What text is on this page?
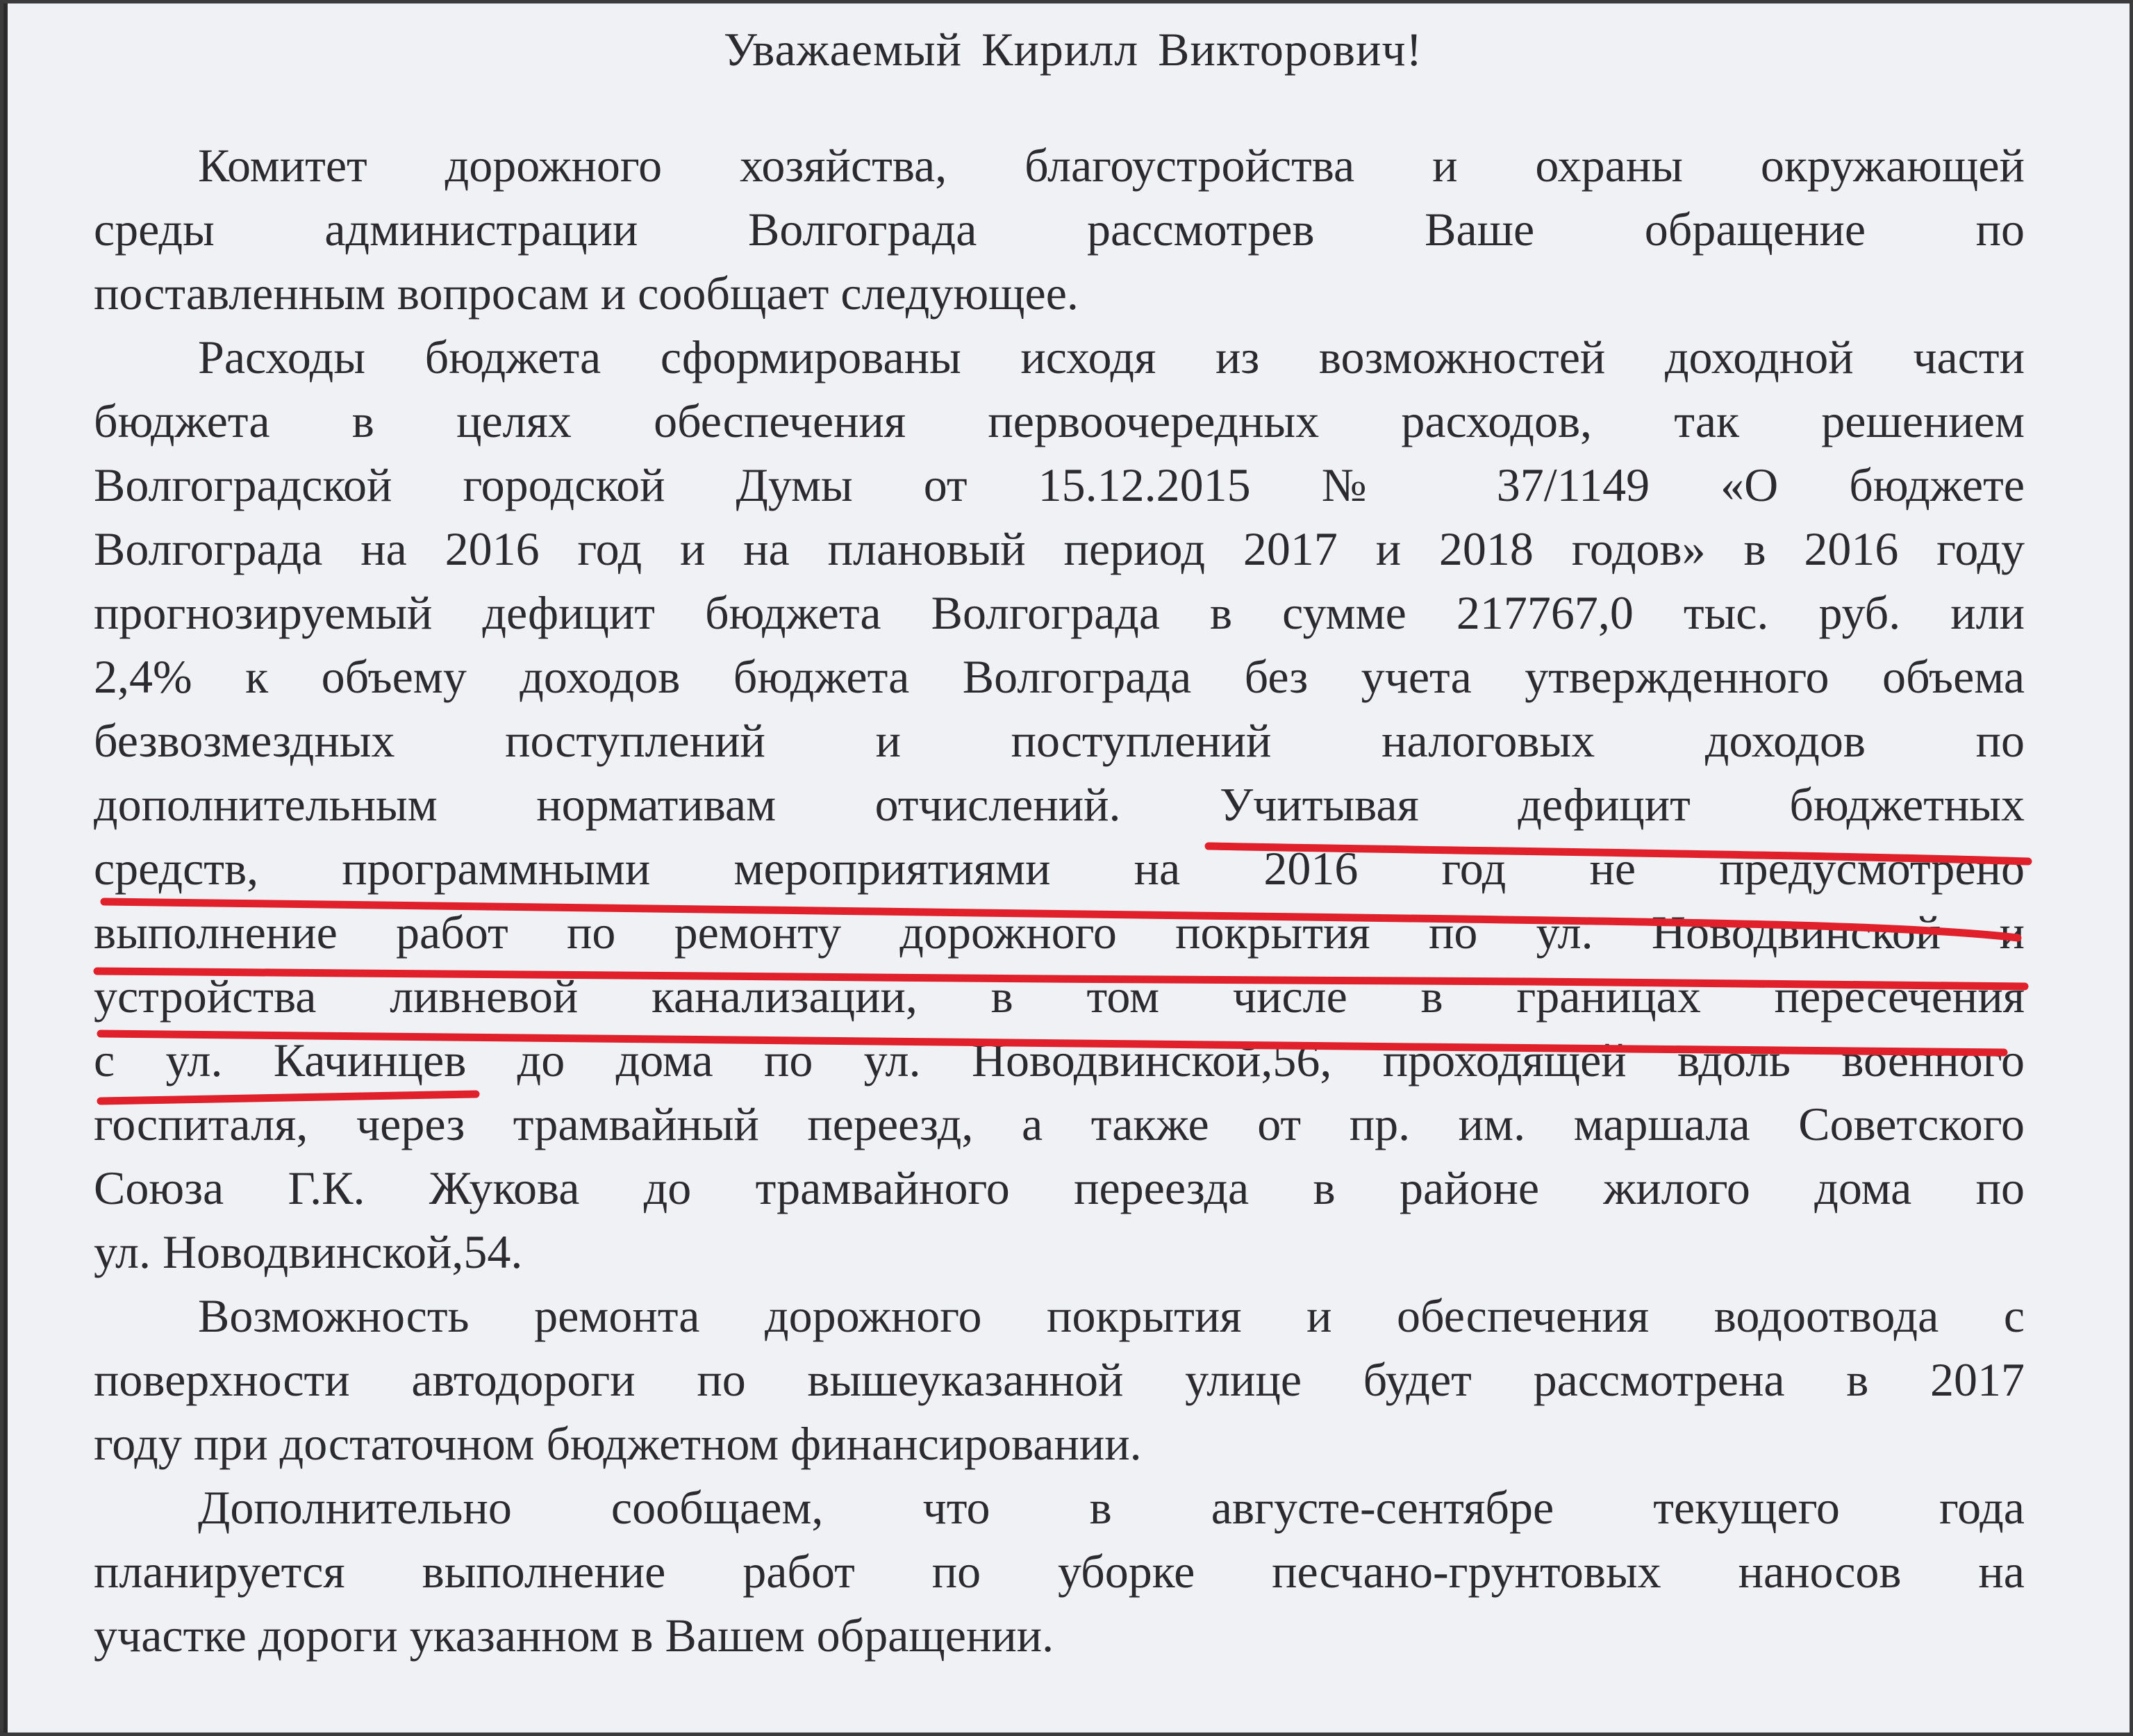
Уважаемый Кирилл Викторович!
Комитет дорожного хозяйства, благоустройства и охраны окружающей
среды администрации Волгограда рассмотрев Ваше обращение по
поставленным вопросам и сообщает следующее.
Расходы бюджета сформированы исходя из возможностей доходной части
бюджета в целях обеспечения первоочередных расходов, так решением
Волгоградской городской Думы от 15.12.2015 № 37/1149 «О бюджете
Волгограда на 2016 год и на плановый период 2017 и 2018 годов» в 2016 году
прогнозируемый дефицит бюджета Волгограда в сумме 217767,0 тыс. руб. или
2,4% к объему доходов бюджета Волгограда без учета утвержденного объема
безвозмездных поступлений и поступлений налоговых доходов по
дополнительным нормативам отчислений. Учитывая дефицит бюджетных
средств, программными мероприятиями на 2016 год не предусмотрено
выполнение работ по ремонту дорожного покрытия по ул. Новодвинской и
устройства ливневой канализации, в том числе в границах пересечения
с ул. Качинцев до дома по ул. Новодвинской,56, проходящей вдоль военного
госпиталя, через трамвайный переезд, а также от пр. им. маршала Советского
Союза Г.К. Жукова до трамвайного переезда в районе жилого дома по
ул. Новодвинской,54.
Возможность ремонта дорожного покрытия и обеспечения водоотвода с
поверхности автодороги по вышеуказанной улице будет рассмотрена в 2017
году при достаточном бюджетном финансировании.
Дополнительно сообщаем, что в августе-сентябре текущего года
планируется выполнение работ по уборке песчано-грунтовых наносов на
участке дороги указанном в Вашем обращении.
